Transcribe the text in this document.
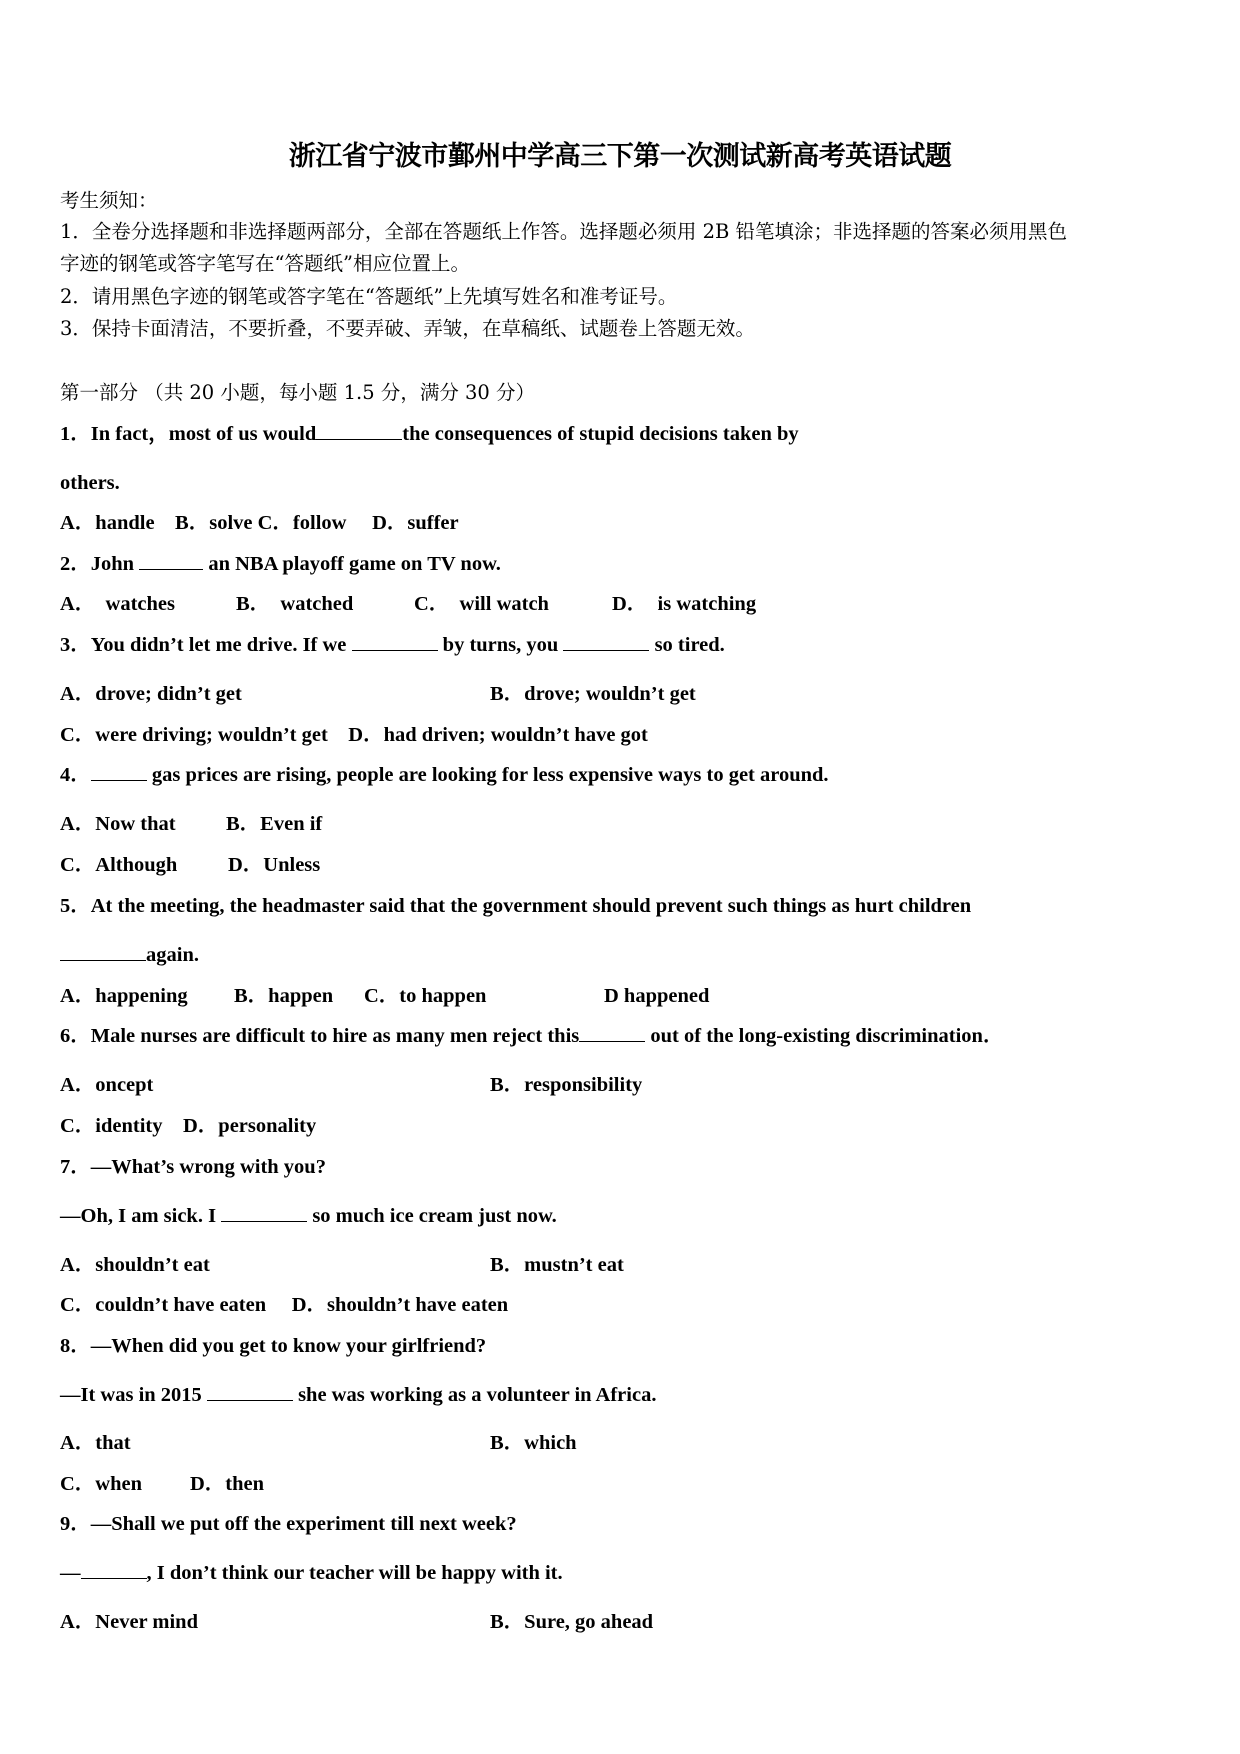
浙江省宁波市鄞州中学高三下第一次测试新高考英语试题
考生须知：
1．全卷分选择题和非选择题两部分，全部在答题纸上作答。选择题必须用 2B 铅笔填涂；非选择题的答案必须用黑色
字迹的钢笔或答字笔写在“答题纸”相应位置上。
2．请用黑色字迹的钢笔或答字笔在“答题纸”上先填写姓名和准考证号。
3．保持卡面清洁，不要折叠，不要弄破、弄皱，在草稿纸、试题卷上答题无效。
第一部分 （共 20 小题，每小题 1.5 分，满分 30 分）
1．In fact，most of us would	the consequences of stupid decisions taken by
others.
A．handle    B．solve C．follow     D．suffer
2．John	an NBA playoff game on TV now.
A．  watches	B．  watched	C．  will watch	D．  is watching
3．You didn’t let me drive. If we	by turns, you	so tired.
A．drove; didn’t get	B．drove; wouldn’t get
C．were driving; wouldn’t get    D．had driven; wouldn’t have got
4．	gas prices are rising, people are looking for less expensive ways to get around.
A．Now that B．Even if
C．Although D．Unless
5．At the meeting, the headmaster said that the government should prevent such things as hurt children
again.
A．happening B．happen C．to happen	D happened
6．Male nurses are difficult to hire as many men reject this	out of the long-existing discrimination．
A．oncept	B．responsibility
C．identity    D．personality
7．—What’s wrong with you?
—Oh, I am sick. I	so much ice cream just now.
A．shouldn’t eat	B．mustn’t eat
C．couldn’t have eaten     D．shouldn’t have eaten
8．—When did you get to know your girlfriend?
—It was in 2015	she was working as a volunteer in Africa.
A．that	B．which
C．when D．then
9．—Shall we put off the experiment till next week?
—	, I don’t think our teacher will be happy with it.
A．Never mind	B．Sure, go ahead
